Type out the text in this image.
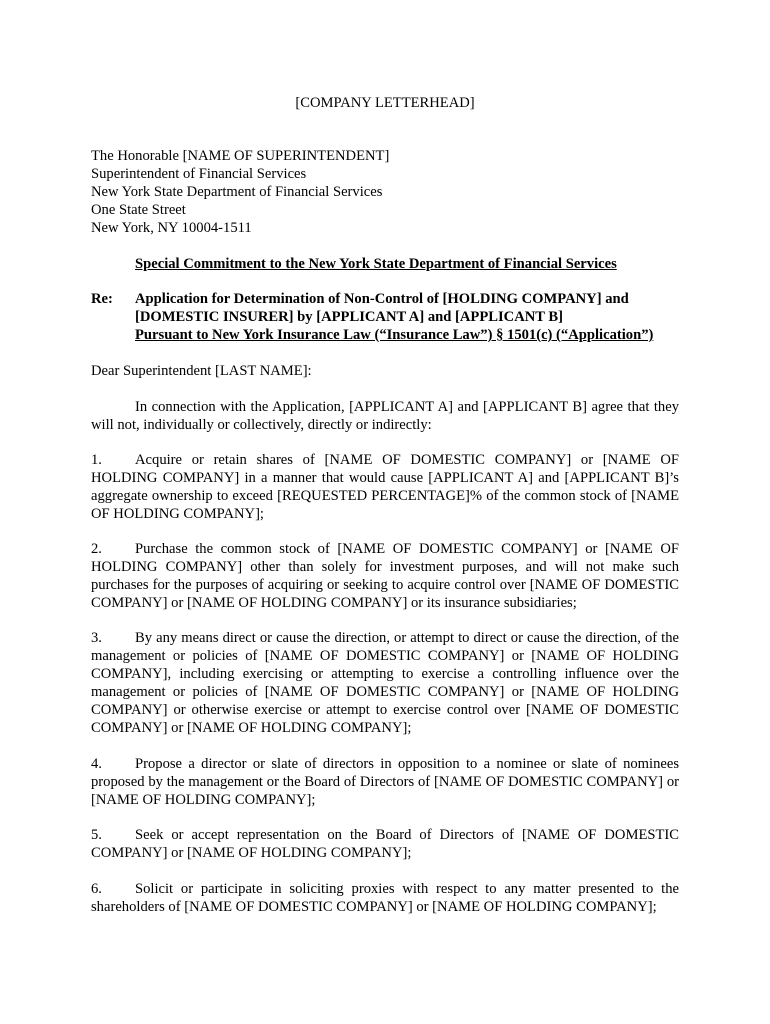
[COMPANY LETTERHEAD]
The Honorable [NAME OF SUPERINTENDENT]
Superintendent of Financial Services
New York State Department of Financial Services
One State Street
New York, NY 10004-1511
Special Commitment to the New York State Department of Financial Services
Re: Application for Determination of Non-Control of [HOLDING COMPANY] and
[DOMESTIC INSURER] by [APPLICANT A] and [APPLICANT B]
Pursuant to New York Insurance Law (“Insurance Law”) § 1501(c) (“Application”)
Dear Superintendent [LAST NAME]:
In connection with the Application, [APPLICANT A] and [APPLICANT B] agree that they will not, individually or collectively, directly or indirectly:
1. Acquire or retain shares of [NAME OF DOMESTIC COMPANY] or [NAME OF HOLDING COMPANY] in a manner that would cause [APPLICANT A] and [APPLICANT B]’s aggregate ownership to exceed [REQUESTED PERCENTAGE]% of the common stock of [NAME OF HOLDING COMPANY];
2. Purchase the common stock of [NAME OF DOMESTIC COMPANY] or [NAME OF HOLDING COMPANY] other than solely for investment purposes, and will not make such purchases for the purposes of acquiring or seeking to acquire control over [NAME OF DOMESTIC COMPANY] or [NAME OF HOLDING COMPANY] or its insurance subsidiaries;
3. By any means direct or cause the direction, or attempt to direct or cause the direction, of the management or policies of [NAME OF DOMESTIC COMPANY] or [NAME OF HOLDING COMPANY], including exercising or attempting to exercise a controlling influence over the management or policies of [NAME OF DOMESTIC COMPANY] or [NAME OF HOLDING COMPANY] or otherwise exercise or attempt to exercise control over [NAME OF DOMESTIC COMPANY] or [NAME OF HOLDING COMPANY];
4. Propose a director or slate of directors in opposition to a nominee or slate of nominees proposed by the management or the Board of Directors of [NAME OF DOMESTIC COMPANY] or [NAME OF HOLDING COMPANY];
5. Seek or accept representation on the Board of Directors of [NAME OF DOMESTIC COMPANY] or [NAME OF HOLDING COMPANY];
6. Solicit or participate in soliciting proxies with respect to any matter presented to the shareholders of [NAME OF DOMESTIC COMPANY] or [NAME OF HOLDING COMPANY];
